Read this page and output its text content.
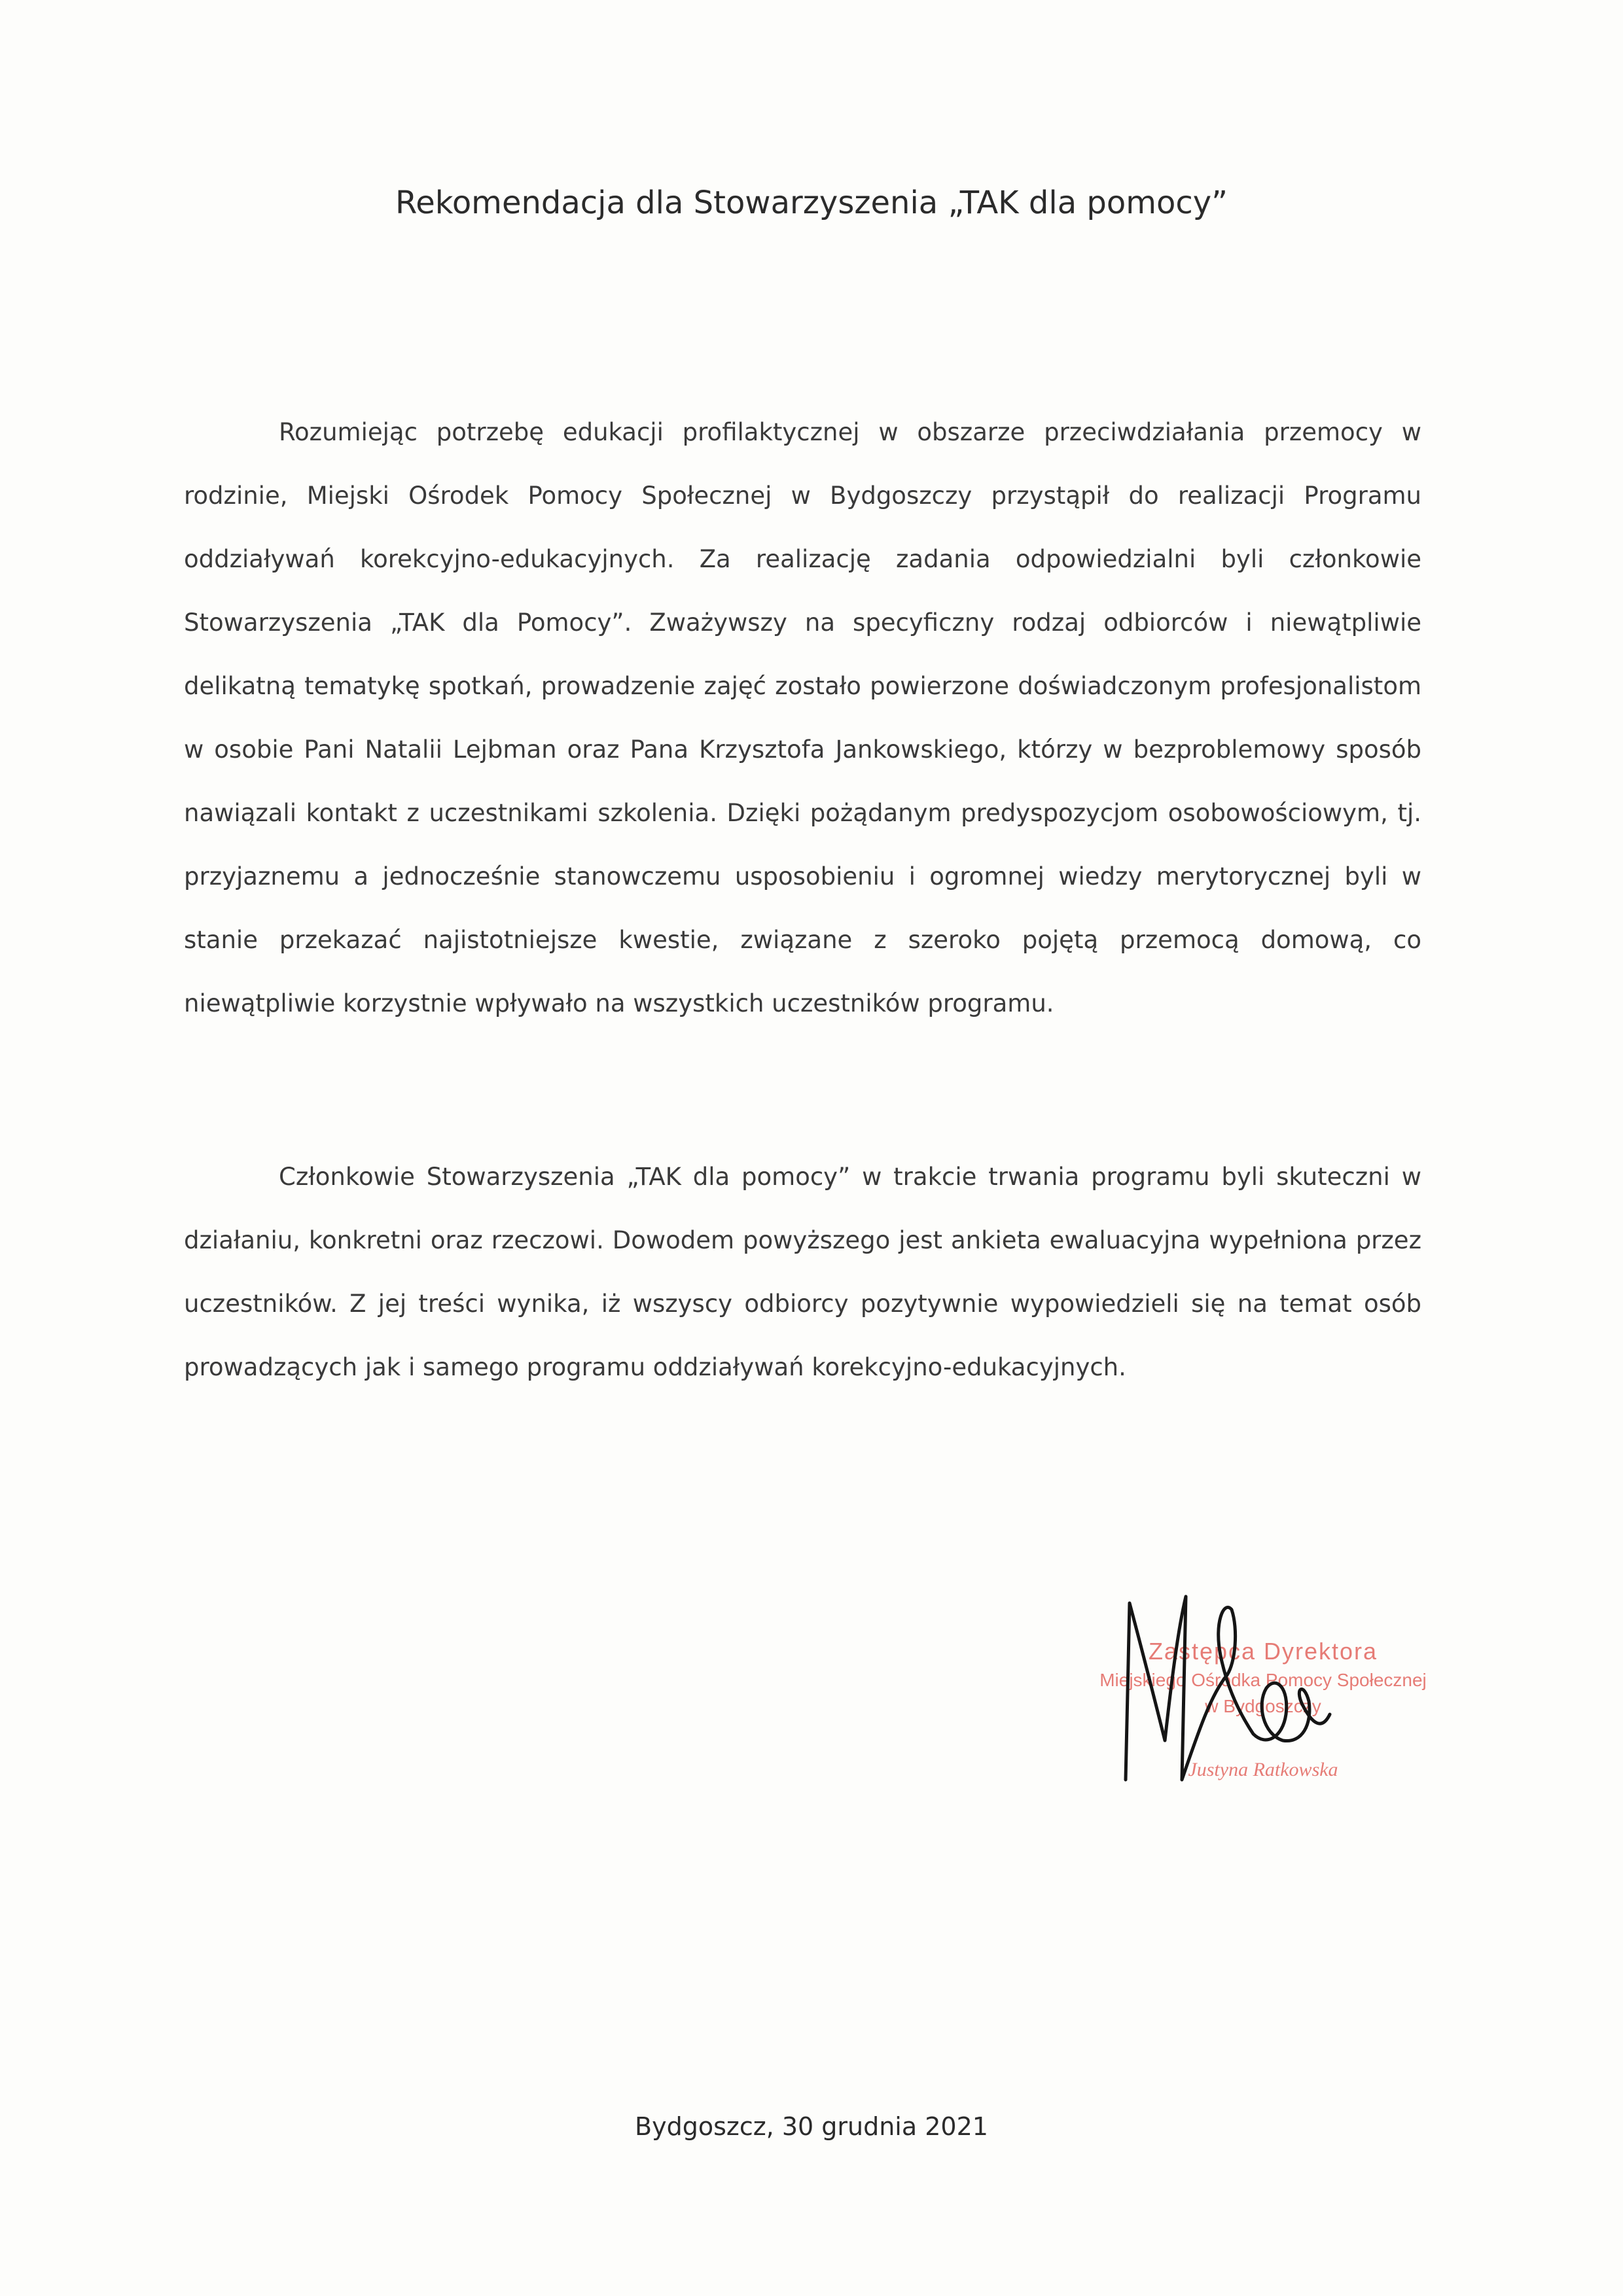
Rekomendacja dla Stowarzyszenia „TAK dla pomocy”

Rozumiejąc potrzebę edukacji profilaktycznej w obszarze przeciwdziałania przemocy w rodzinie, Miejski Ośrodek Pomocy Społecznej w Bydgoszczy przystąpił do realizacji Programu oddziaływań korekcyjno-edukacyjnych. Za realizację zadania odpowiedzialni byli członkowie Stowarzyszenia „TAK dla Pomocy”. Zważywszy na specyficzny rodzaj odbiorców i niewątpliwie delikatną tematykę spotkań, prowadzenie zajęć zostało powierzone doświadczonym profesjonalistom w osobie Pani Natalii Lejbman oraz Pana Krzysztofa Jankowskiego, którzy w bezproblemowy sposób nawiązali kontakt z uczestnikami szkolenia. Dzięki pożądanym predyspozycjom osobowościowym, tj. przyjaznemu a jednocześnie stanowczemu usposobieniu i ogromnej wiedzy merytorycznej byli w stanie przekazać najistotniejsze kwestie, związane z szeroko pojętą przemocą domową, co niewątpliwie korzystnie wpływało na wszystkich uczestników programu.

Członkowie Stowarzyszenia „TAK dla pomocy” w trakcie trwania programu byli skuteczni w działaniu, konkretni oraz rzeczowi. Dowodem powyższego jest ankieta ewaluacyjna wypełniona przez uczestników. Z jej treści wynika, iż wszyscy odbiorcy pozytywnie wypowiedzieli się na temat osób prowadzących jak i samego programu oddziaływań korekcyjno-edukacyjnych.

Zastępca Dyrektora
Miejskiego Ośrodka Pomocy Społecznej
w Bydgoszczy
Justyna Ratkowska
Bydgoszcz, 30 grudnia 2021
